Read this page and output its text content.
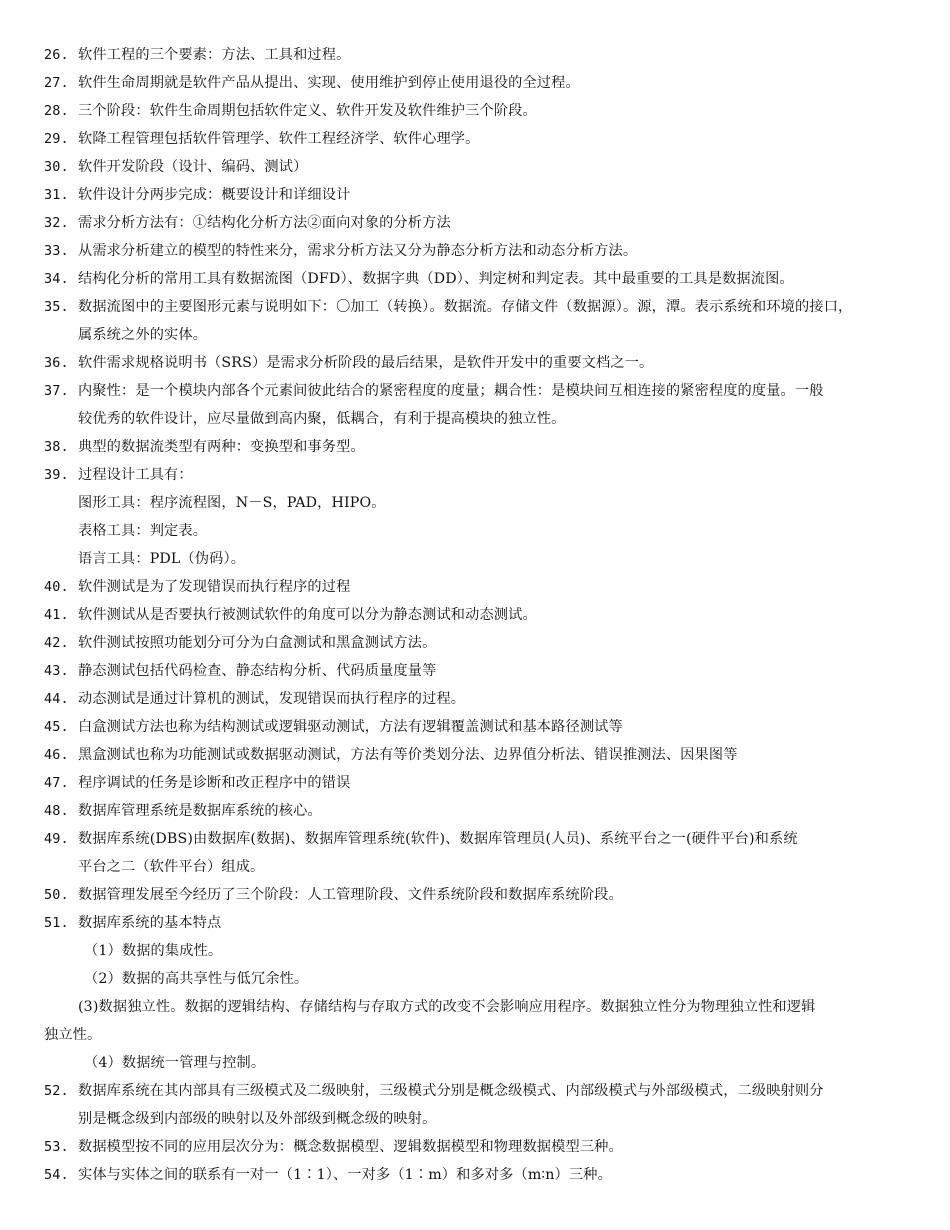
26. 软件工程的三个要素：方法、工具和过程。
27. 软件生命周期就是软件产品从提出、实现、使用维护到停止使用退役的全过程。
28. 三个阶段：软件生命周期包括软件定义、软件开发及软件维护三个阶段。
29. 软降工程管理包括软件管理学、软件工程经济学、软件心理学。
30. 软件开发阶段（设计、编码、测试）
31. 软件设计分两步完成：概要设计和详细设计
32. 需求分析方法有：①结构化分析方法②面向对象的分析方法
33. 从需求分析建立的模型的特性来分，需求分析方法又分为静态分析方法和动态分析方法。
34. 结构化分析的常用工具有数据流图（DFD）、数据字典（DD）、判定树和判定表。其中最重要的工具是数据流图。
35. 数据流图中的主要图形元素与说明如下：〇加工（转换）。数据流。存储文件（数据源）。源，潭。表示系统和环境的接口，
属系统之外的实体。
36. 软件需求规格说明书（SRS）是需求分析阶段的最后结果，是软件开发中的重要文档之一。
37. 内聚性：是一个模块内部各个元素间彼此结合的紧密程度的度量；耦合性：是模块间互相连接的紧密程度的度量。一般
较优秀的软件设计，应尽量做到高内聚，低耦合，有利于提高模块的独立性。
38. 典型的数据流类型有两种：变换型和事务型。
39. 过程设计工具有：
图形工具：程序流程图，N－S，PAD，HIPO。
表格工具：判定表。
语言工具：PDL（伪码）。
40. 软件测试是为了发现错误而执行程序的过程
41. 软件测试从是否要执行被测试软件的角度可以分为静态测试和动态测试。
42. 软件测试按照功能划分可分为白盒测试和黑盒测试方法。
43. 静态测试包括代码检查、静态结构分析、代码质量度量等
44. 动态测试是通过计算机的测试，发现错误而执行程序的过程。
45. 白盒测试方法也称为结构测试或逻辑驱动测试，方法有逻辑覆盖测试和基本路径测试等
46. 黑盒测试也称为功能测试或数据驱动测试，方法有等价类划分法、边界值分析法、错误推测法、因果图等
47. 程序调试的任务是诊断和改正程序中的错误
48. 数据库管理系统是数据库系统的核心。
49. 数据库系统(DBS)由数据库(数据)、数据库管理系统(软件)、数据库管理员(人员)、系统平台之一(硬件平台)和系统
平台之二（软件平台）组成。
50. 数据管理发展至今经历了三个阶段：人工管理阶段、文件系统阶段和数据库系统阶段。
51. 数据库系统的基本特点
（1）数据的集成性。
（2）数据的高共享性与低冗余性。
(3)数据独立性。数据的逻辑结构、存储结构与存取方式的改变不会影响应用程序。数据独立性分为物理独立性和逻辑
独立性。
（4）数据统一管理与控制。
52. 数据库系统在其内部具有三级模式及二级映射，三级模式分别是概念级模式、内部级模式与外部级模式，二级映射则分
别是概念级到内部级的映射以及外部级到概念级的映射。
53. 数据模型按不同的应用层次分为：概念数据模型、逻辑数据模型和物理数据模型三种。
54. 实体与实体之间的联系有一对一（1∶1）、一对多（1∶m）和多对多（m∶n）三种。
